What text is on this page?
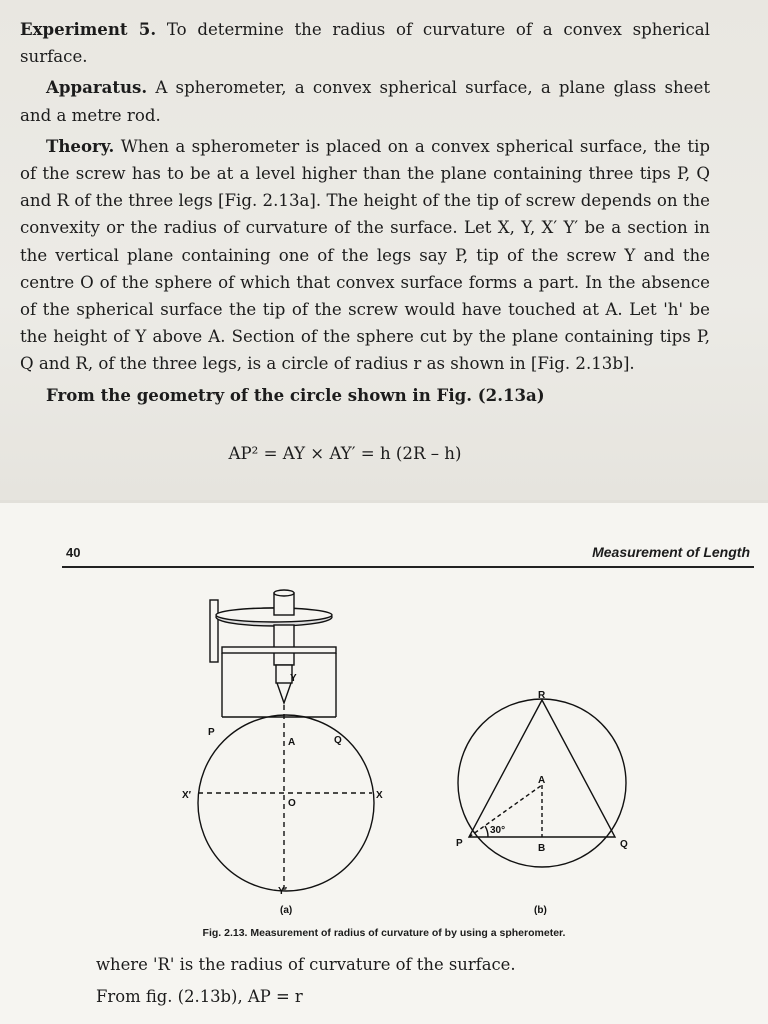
Experiment 5. To determine the radius of curvature of a convex spherical surface.

Apparatus. A spherometer, a convex spherical surface, a plane glass sheet and a metre rod.

Theory. When a spherometer is placed on a convex spherical surface, the tip of the screw has to be at a level higher than the plane containing three tips P, Q and R of the three legs [Fig. 2.13a]. The height of the tip of screw depends on the convexity or the radius of curvature of the surface. Let X, Y, X′ Y′ be a section in the vertical plane containing one of the legs say P, tip of the screw Y and the centre O of the sphere of which that convex surface forms a part. In the absence of the spherical surface the tip of the screw would have touched at A. Let 'h' be the height of Y above A. Section of the sphere cut by the plane containing tips P, Q and R, of the three legs, is a circle of radius r as shown in [Fig. 2.13b].

From the geometry of the circle shown in Fig. (2.13a)

AP² = AY × AY′ = h (2R – h)
40	Measurement of Length
Y
P
A	Q
X′	X
O
Y′
(a)
R
A
P	B	Q
30°
(b)
Fig. 2.13. Measurement of radius of curvature of by using a spherometer.
where 'R' is the radius of curvature of the surface.
From fig. (2.13b), AP = r
